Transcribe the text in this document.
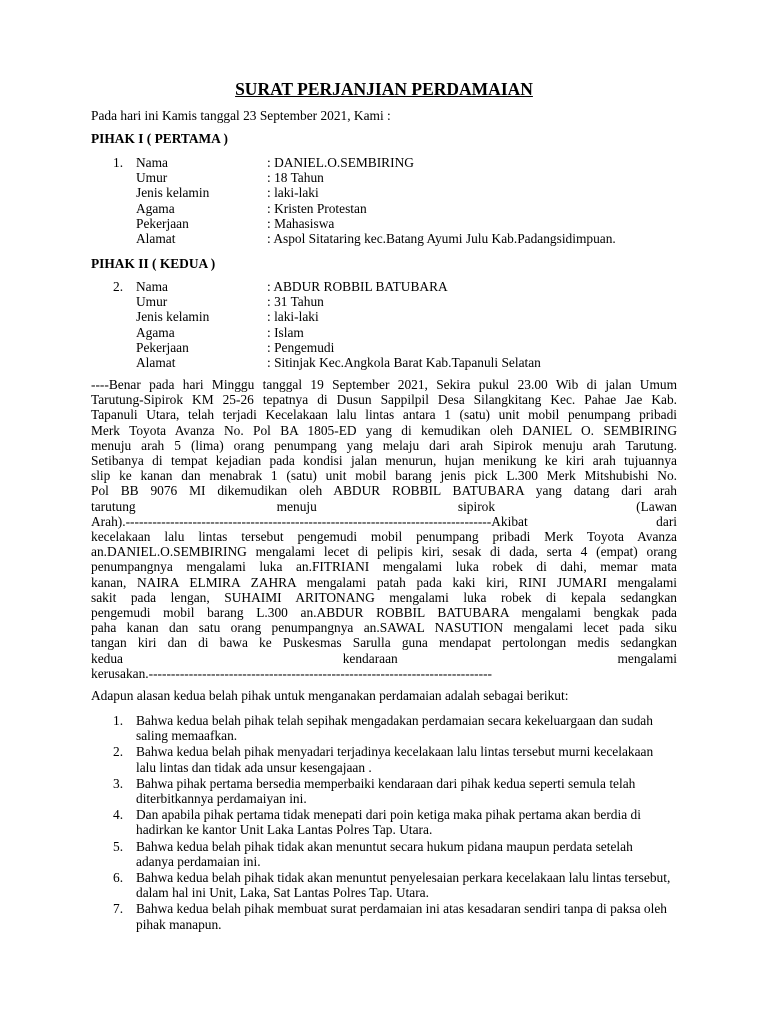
SURAT PERJANJIAN PERDAMAIAN
Pada hari ini Kamis tanggal 23 September 2021, Kami :
PIHAK I ( PERTAMA )
1. Nama	: DANIEL.O.SEMBIRING
Umur	: 18 Tahun
Jenis kelamin	: laki-laki
Agama	: Kristen Protestan
Pekerjaan	: Mahasiswa
Alamat	: Aspol Sitataring kec.Batang Ayumi Julu Kab.Padangsidimpuan.
PIHAK II ( KEDUA )
2. Nama	: ABDUR ROBBIL BATUBARA
Umur	: 31 Tahun
Jenis kelamin	: laki-laki
Agama	: Islam
Pekerjaan	: Pengemudi
Alamat	: Sitinjak Kec.Angkola Barat Kab.Tapanuli Selatan
----Benar pada hari Minggu tanggal 19 September 2021, Sekira pukul 23.00 Wib di jalan Umum
Tarutung-Sipirok KM 25-26 tepatnya di Dusun Sappilpil Desa Silangkitang Kec. Pahae Jae Kab.
Tapanuli Utara, telah terjadi Kecelakaan lalu lintas antara 1 (satu) unit mobil penumpang pribadi
Merk Toyota Avanza No. Pol BA 1805-ED yang di kemudikan oleh DANIEL O. SEMBIRING
menuju arah 5 (lima) orang penumpang yang melaju dari arah Sipirok menuju arah Tarutung.
Setibanya di tempat kejadian pada kondisi jalan menurun, hujan menikung ke kiri arah tujuannya
slip ke kanan dan menabrak 1 (satu) unit mobil barang jenis pick L.300 Merk Mitshubishi No.
Pol BB 9076 MI dikemudikan oleh ABDUR ROBBIL BATUBARA yang datang dari arah
tarutung menuju sipirok (Lawan
Arah).----------------------------------------------------------------------------------Akibat dari
kecelakaan lalu lintas tersebut pengemudi mobil penumpang pribadi Merk Toyota Avanza
an.DANIEL.O.SEMBIRING mengalami lecet di pelipis kiri, sesak di dada, serta 4 (empat) orang
penumpangnya mengalami luka an.FITRIANI mengalami luka robek di dahi, memar mata
kanan, NAIRA ELMIRA ZAHRA mengalami patah pada kaki kiri, RINI JUMARI mengalami
sakit pada lengan, SUHAIMI ARITONANG mengalami luka robek di kepala sedangkan
pengemudi mobil barang L.300 an.ABDUR ROBBIL BATUBARA mengalami bengkak pada
paha kanan dan satu orang penumpangnya an.SAWAL NASUTION mengalami lecet pada siku
tangan kiri dan di bawa ke Puskesmas Sarulla guna mendapat pertolongan medis sedangkan
kedua kendaraan mengalami
kerusakan.-----------------------------------------------------------------------------
Adapun alasan kedua belah pihak untuk menganakan perdamaian adalah sebagai berikut:
1. Bahwa kedua belah pihak telah sepihak mengadakan perdamaian secara kekeluargaan dan sudah saling memaafkan.
2. Bahwa kedua belah pihak menyadari terjadinya kecelakaan lalu lintas tersebut murni kecelakaan lalu lintas dan tidak ada unsur kesengajaan .
3. Bahwa pihak pertama bersedia memperbaiki kendaraan dari pihak kedua seperti semula telah diterbitkannya perdamaiyan ini.
4. Dan apabila pihak pertama tidak menepati dari poin ketiga maka pihak pertama akan berdia di hadirkan ke kantor Unit Laka Lantas Polres Tap. Utara.
5. Bahwa kedua belah pihak tidak akan menuntut secara hukum pidana maupun perdata setelah adanya perdamaian ini.
6. Bahwa kedua belah pihak tidak akan menuntut penyelesaian perkara kecelakaan lalu lintas tersebut, dalam hal ini Unit, Laka, Sat Lantas Polres Tap. Utara.
7. Bahwa kedua belah pihak membuat surat perdamaian ini atas kesadaran sendiri tanpa di paksa oleh pihak manapun.
